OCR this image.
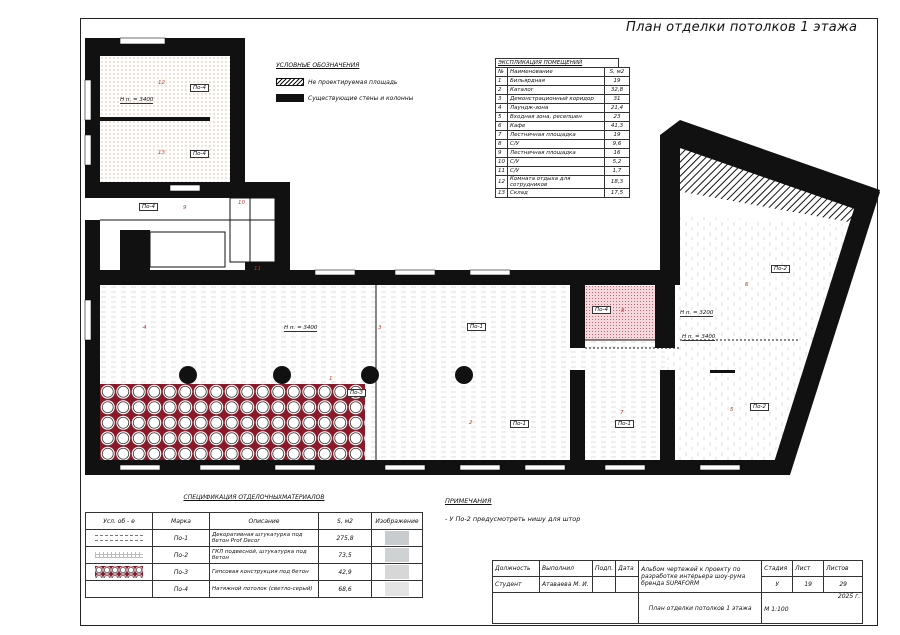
План отделки потолков 1 этажа
1
2
3
4
5
6
7
8
9
10
11
12
13
По-4
По-4
По-4
По-1
По-3
По-1	По-1
По-4
По-2
По-2
Н п. = 3400
Н п. = 3400
Н п. = 3200
Н п. = 3400
УСЛОВНЫЕ ОБОЗНАЧЕНИЯ
Не проектируемая площадь
Существующие стены и колонны
ЭКСПЛИКАЦИЯ ПОМЕЩЕНИЙ
№	Наименование	S, м2
1	Бильярдная	19
2	Каталог	32,8
3	Демонстрационный коридор	31
4	Лаундж-зона	21,4
5	Входная зона, ресепшен	23
6	Кафе	41,3
7	Лестничная площадка	19
8	С/У	9,6
9	Лестничная площадка	16
10	С/У	5,2
11	С/У	1,7
12	Комната отдыха для сотрудников	18,3
13	Склад	17,5
СПЕЦИФИКАЦИЯ ОТДЕЛОЧНЫХМАТЕРИАЛОВ
Усл. об - е	Марка	Описание	S, м2	Изображение

	По-1	Декоративная штукатурка под бетон Prof Decor	275,8	

	По-2	ГКЛ подвесной, штукатурка под бетон	73,5	

	По-3	Гипсовая конструкция под бетон	42,9	

	По-4	Натяжной потолок (светло-серый)	68,6	
ПРИМЕЧАНИЯ
- У По-2 предусмотреть нишу для штор
Должность	Выполнил	Подп.	Дата	Альбом чертежей к проекту по разработке интерьера шоу-рума бренда SUPAFORM	Стадия	Лист	Листов
Студент	Атаваева М. И.				У	19	29
				План отделки потолков 1 этажа	2025 г.
М 1:100		
